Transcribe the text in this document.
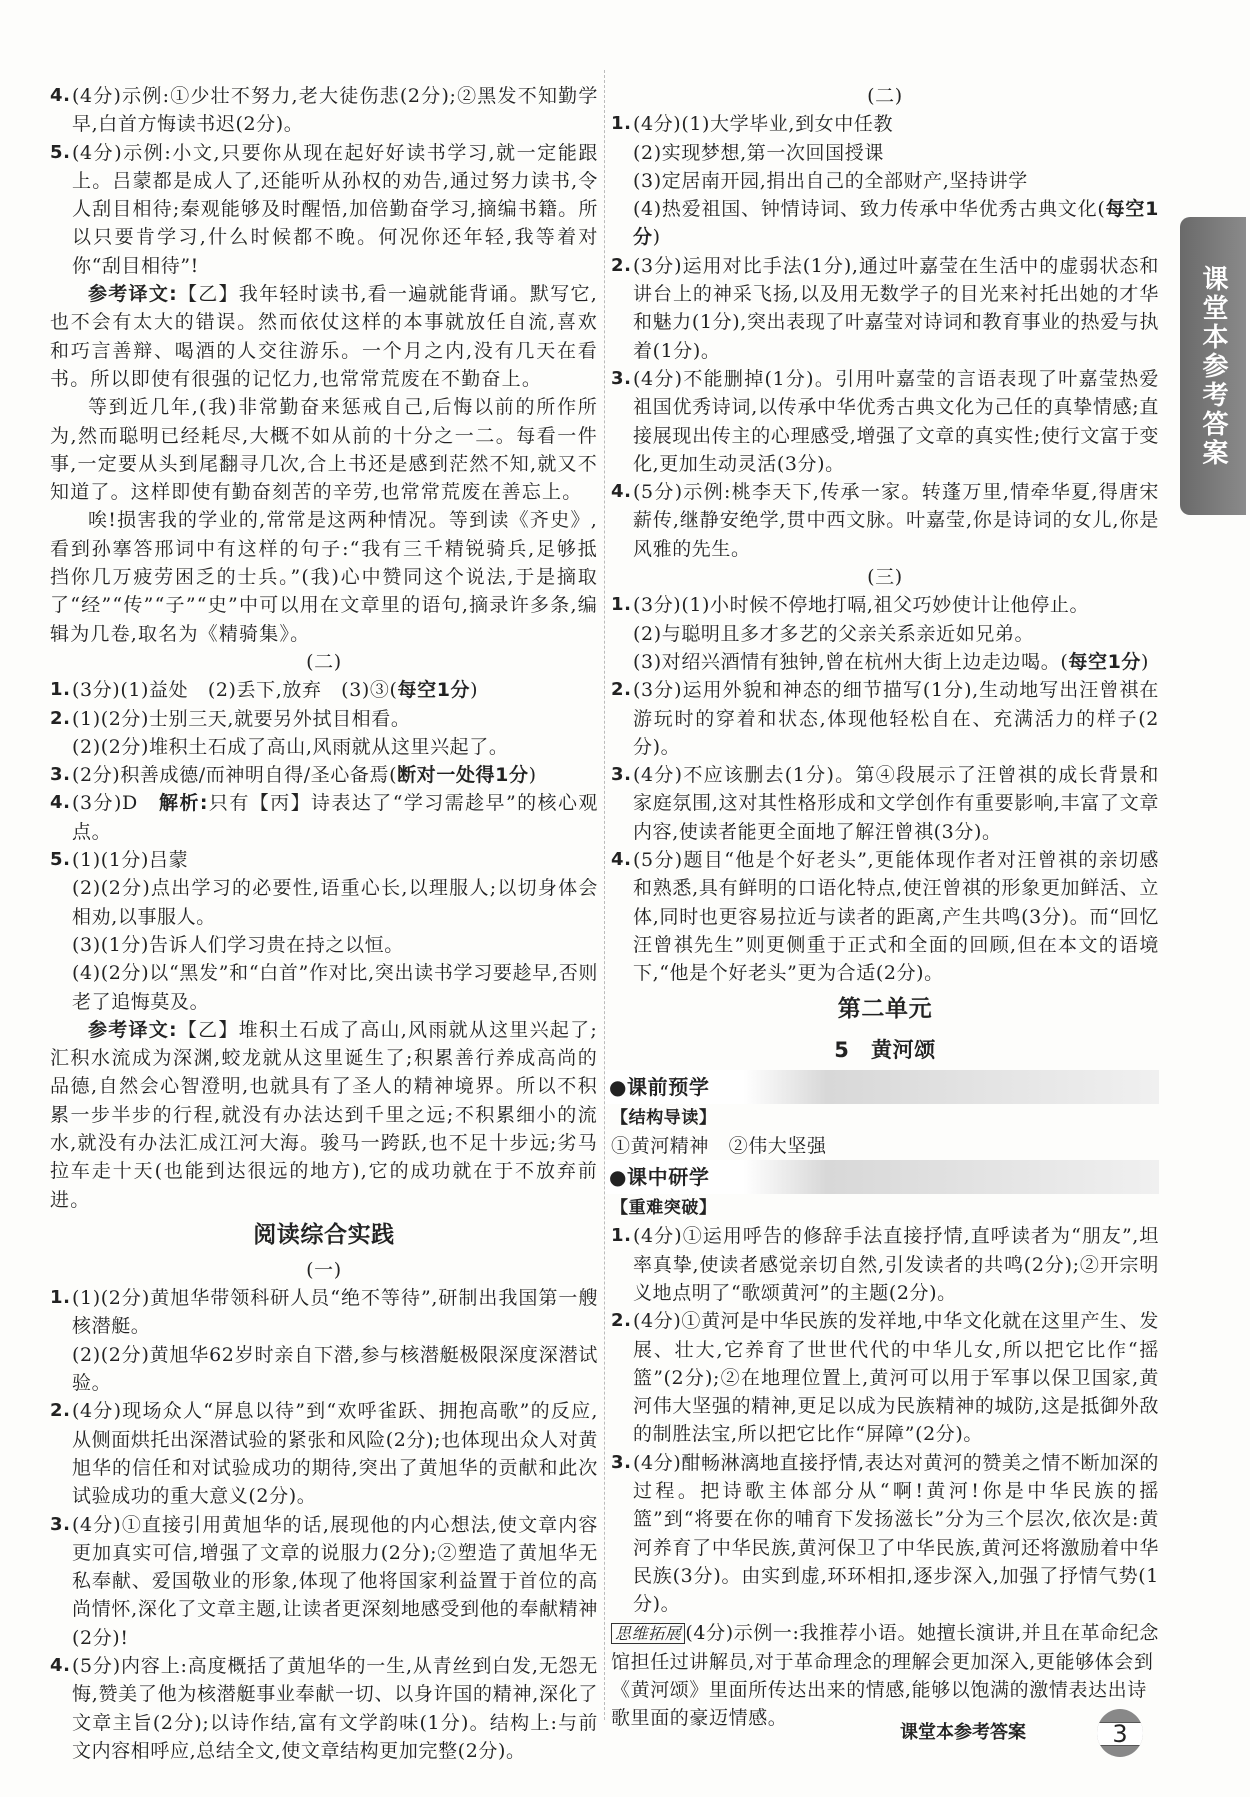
4. (4分)示例:①少壮不努力,老大徒伤悲(2分);②黑发不知勤学早,白首方悔读书迟(2分)。
5. (4分)示例:小文,只要你从现在起好好读书学习,就一定能跟上。吕蒙都是成人了,还能听从孙权的劝告,通过努力读书,令人刮目相待;秦观能够及时醒悟,加倍勤奋学习,摘编书籍。所以只要肯学习,什么时候都不晚。何况你还年轻,我等着对你“刮目相待”!
参考译文:【乙】我年轻时读书,看一遍就能背诵。默写它,也不会有太大的错误。然而依仗这样的本事就放任自流,喜欢和巧言善辩、喝酒的人交往游乐。一个月之内,没有几天在看书。所以即使有很强的记忆力,也常常荒废在不勤奋上。
等到近几年,(我)非常勤奋来惩戒自己,后悔以前的所作所为,然而聪明已经耗尽,大概不如从前的十分之一二。每看一件事,一定要从头到尾翻寻几次,合上书还是感到茫然不知,就又不知道了。这样即使有勤奋刻苦的辛劳,也常常荒废在善忘上。
唉!损害我的学业的,常常是这两种情况。等到读《齐史》,看到孙搴答邢词中有这样的句子:“我有三千精锐骑兵,足够抵挡你几万疲劳困乏的士兵。”(我)心中赞同这个说法,于是摘取了“经”“传”“子”“史”中可以用在文章里的语句,摘录许多条,编辑为几卷,取名为《精骑集》。
(二)
1. (3分)(1)益处　(2)丢下,放弃　(3)③(每空1分)
2. (1)(2分)士别三天,就要另外拭目相看。
(2)(2分)堆积土石成了高山,风雨就从这里兴起了。
3. (2分)积善成德/而神明自得/圣心备焉(断对一处得1分)
4. (3分)D　解析:只有【丙】诗表达了“学习需趁早”的核心观点。
5. (1)(1分)吕蒙
(2)(2分)点出学习的必要性,语重心长,以理服人;以切身体会相劝,以事服人。
(3)(1分)告诉人们学习贵在持之以恒。
(4)(2分)以“黑发”和“白首”作对比,突出读书学习要趁早,否则老了追悔莫及。
参考译文:【乙】堆积土石成了高山,风雨就从这里兴起了;汇积水流成为深渊,蛟龙就从这里诞生了;积累善行养成高尚的品德,自然会心智澄明,也就具有了圣人的精神境界。所以不积累一步半步的行程,就没有办法达到千里之远;不积累细小的流水,就没有办法汇成江河大海。骏马一跨跃,也不足十步远;劣马拉车走十天(也能到达很远的地方),它的成功就在于不放弃前进。
阅读综合实践
(一)
1. (1)(2分)黄旭华带领科研人员“绝不等待”,研制出我国第一艘核潜艇。
(2)(2分)黄旭华62岁时亲自下潜,参与核潜艇极限深度深潜试验。
2. (4分)现场众人“屏息以待”到“欢呼雀跃、拥抱高歌”的反应,从侧面烘托出深潜试验的紧张和风险(2分);也体现出众人对黄旭华的信任和对试验成功的期待,突出了黄旭华的贡献和此次试验成功的重大意义(2分)。
3. (4分)①直接引用黄旭华的话,展现他的内心想法,使文章内容更加真实可信,增强了文章的说服力(2分);②塑造了黄旭华无私奉献、爱国敬业的形象,体现了他将国家利益置于首位的高尚情怀,深化了文章主题,让读者更深刻地感受到他的奉献精神(2分)!
4. (5分)内容上:高度概括了黄旭华的一生,从青丝到白发,无怨无悔,赞美了他为核潜艇事业奉献一切、以身许国的精神,深化了文章主旨(2分);以诗作结,富有文学韵味(1分)。结构上:与前文内容相呼应,总结全文,使文章结构更加完整(2分)。
(二)
1. (4分)(1)大学毕业,到女中任教
(2)实现梦想,第一次回国授课
(3)定居南开园,捐出自己的全部财产,坚持讲学
(4)热爱祖国、钟情诗词、致力传承中华优秀古典文化(每空1分)
2. (3分)运用对比手法(1分),通过叶嘉莹在生活中的虚弱状态和讲台上的神采飞扬,以及用无数学子的目光来衬托出她的才华和魅力(1分),突出表现了叶嘉莹对诗词和教育事业的热爱与执着(1分)。
3. (4分)不能删掉(1分)。引用叶嘉莹的言语表现了叶嘉莹热爱祖国优秀诗词,以传承中华优秀古典文化为己任的真挚情感;直接展现出传主的心理感受,增强了文章的真实性;使行文富于变化,更加生动灵活(3分)。
4. (5分)示例:桃李天下,传承一家。转蓬万里,情牵华夏,得唐宋薪传,继静安绝学,贯中西文脉。叶嘉莹,你是诗词的女儿,你是风雅的先生。
(三)
1. (3分)(1)小时候不停地打嗝,祖父巧妙使计让他停止。
(2)与聪明且多才多艺的父亲关系亲近如兄弟。
(3)对绍兴酒情有独钟,曾在杭州大街上边走边喝。(每空1分)
2. (3分)运用外貌和神态的细节描写(1分),生动地写出汪曾祺在游玩时的穿着和状态,体现他轻松自在、充满活力的样子(2分)。
3. (4分)不应该删去(1分)。第④段展示了汪曾祺的成长背景和家庭氛围,这对其性格形成和文学创作有重要影响,丰富了文章内容,使读者能更全面地了解汪曾祺(3分)。
4. (5分)题目“他是个好老头”,更能体现作者对汪曾祺的亲切感和熟悉,具有鲜明的口语化特点,使汪曾祺的形象更加鲜活、立体,同时也更容易拉近与读者的距离,产生共鸣(3分)。而“回忆汪曾祺先生”则更侧重于正式和全面的回顾,但在本文的语境下,“他是个好老头”更为合适(2分)。
第二单元
5　黄河颂
●课前预学
【结构导读】
①黄河精神　②伟大坚强
●课中研学
【重难突破】
1. (4分)①运用呼告的修辞手法直接抒情,直呼读者为“朋友”,坦率真挚,使读者感觉亲切自然,引发读者的共鸣(2分);②开宗明义地点明了“歌颂黄河”的主题(2分)。
2. (4分)①黄河是中华民族的发祥地,中华文化就在这里产生、发展、壮大,它养育了世世代代的中华儿女,所以把它比作“摇篮”(2分);②在地理位置上,黄河可以用于军事以保卫国家,黄河伟大坚强的精神,更足以成为民族精神的城防,这是抵御外敌的制胜法宝,所以把它比作“屏障”(2分)。
3. (4分)酣畅淋漓地直接抒情,表达对黄河的赞美之情不断加深的过程。把诗歌主体部分从“啊!黄河!你是中华民族的摇篮”到“将要在你的哺育下发扬滋长”分为三个层次,依次是:黄河养育了中华民族,黄河保卫了中华民族,黄河还将激励着中华民族(3分)。由实到虚,环环相扣,逐步深入,加强了抒情气势(1分)。
思维拓展 (4分)示例一:我推荐小语。她擅长演讲,并且在革命纪念馆担任过讲解员,对于革命理念的理解会更加深入,更能够体会到《黄河颂》里面所传达出来的情感,能够以饱满的激情表达出诗歌里面的豪迈情感。
课堂本参考答案
课堂本参考答案	3
